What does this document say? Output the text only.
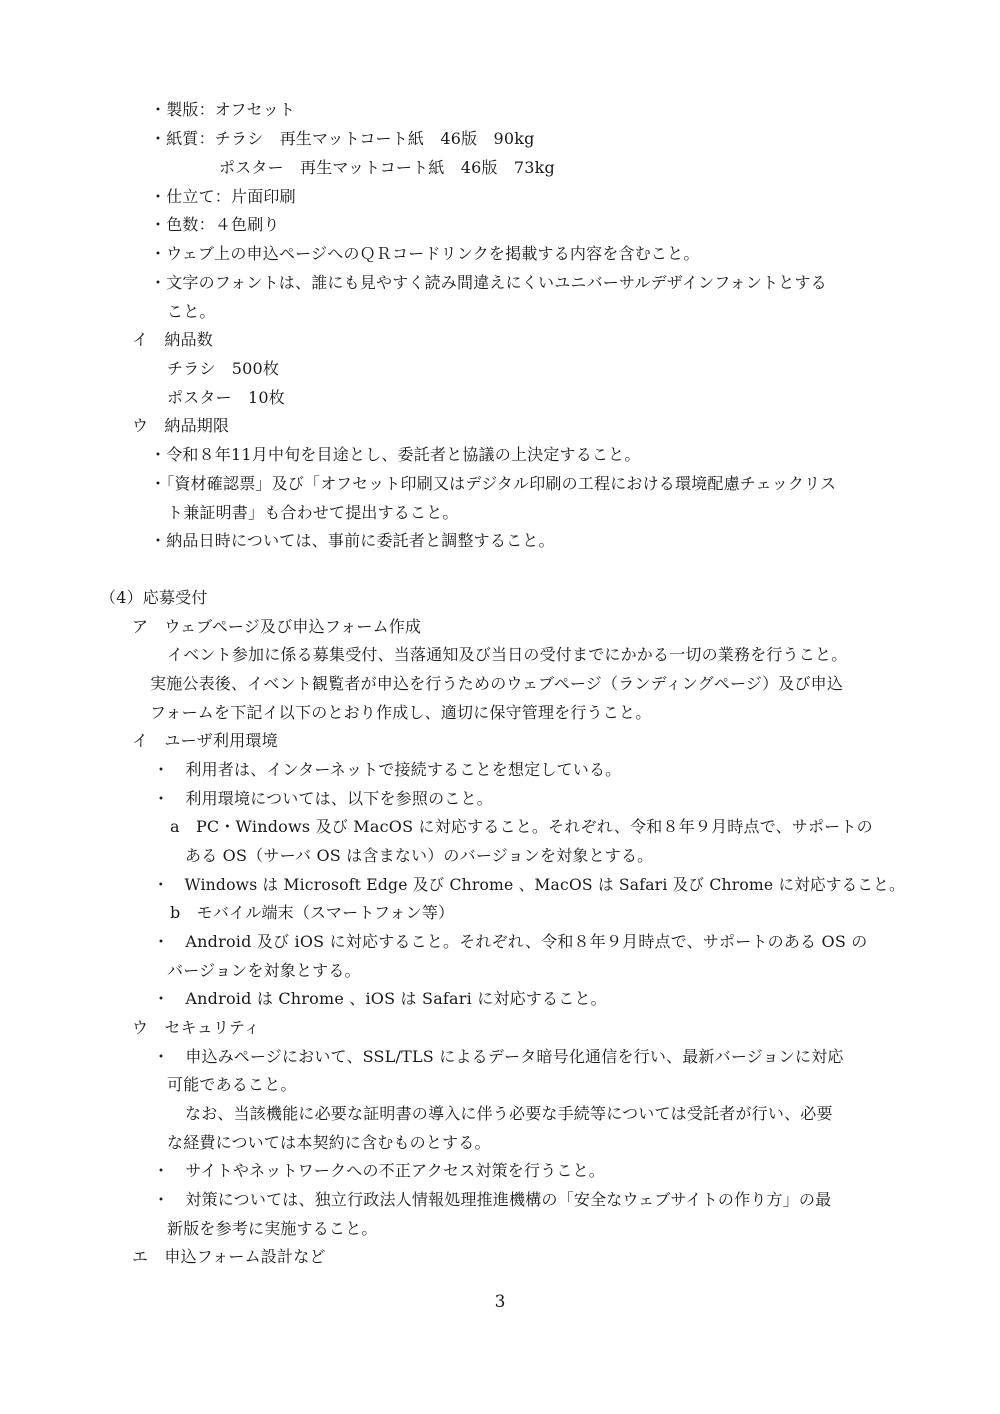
・製版：オフセット

・紙質：チラシ　再生マットコート紙　46版　90kg

ポスター　再生マットコート紙　46版　73kg

・仕立て：片面印刷

・色数：４色刷り

・ウェブ上の申込ページへのＱＲコードリンクを掲載する内容を含むこと。

・文字のフォントは、誰にも見やすく読み間違えにくいユニバーサルデザインフォントとする

こと。

イ　納品数

チラシ　500枚

ポスター　10枚

ウ　納品期限

・令和８年11月中旬を目途とし、委託者と協議の上決定すること。

・「資材確認票」及び「オフセット印刷又はデジタル印刷の工程における環境配慮チェックリス

ト兼証明書」も合わせて提出すること。

・納品日時については、事前に委託者と調整すること。

（4）応募受付

ア　ウェブページ及び申込フォーム作成

イベント参加に係る募集受付、当落通知及び当日の受付までにかかる一切の業務を行うこと。

実施公表後、イベント観覧者が申込を行うためのウェブページ（ランディングページ）及び申込

フォームを下記イ以下のとおり作成し、適切に保守管理を行うこと。

イ　ユーザ利用環境

・　利用者は、インターネットで接続することを想定している。

・　利用環境については、以下を参照のこと。

a　PC・Windows 及び MacOS に対応すること。それぞれ、令和８年９月時点で、サポートの

ある OS（サーバ OS は含まない）のバージョンを対象とする。

・　Windows は Microsoft Edge 及び Chrome 、MacOS は Safari 及び Chrome に対応すること。

b　モバイル端末（スマートフォン等）

・　Android 及び iOS に対応すること。それぞれ、令和８年９月時点で、サポートのある OS の

バージョンを対象とする。

・　Android は Chrome 、iOS は Safari に対応すること。

ウ　セキュリティ

・　申込みページにおいて、SSL/TLS によるデータ暗号化通信を行い、最新バージョンに対応

可能であること。

なお、当該機能に必要な証明書の導入に伴う必要な手続等については受託者が行い、必要

な経費については本契約に含むものとする。

・　サイトやネットワークへの不正アクセス対策を行うこと。

・　対策については、独立行政法人情報処理推進機構の「安全なウェブサイトの作り方」の最

新版を参考に実施すること。

エ　申込フォーム設計など

3
